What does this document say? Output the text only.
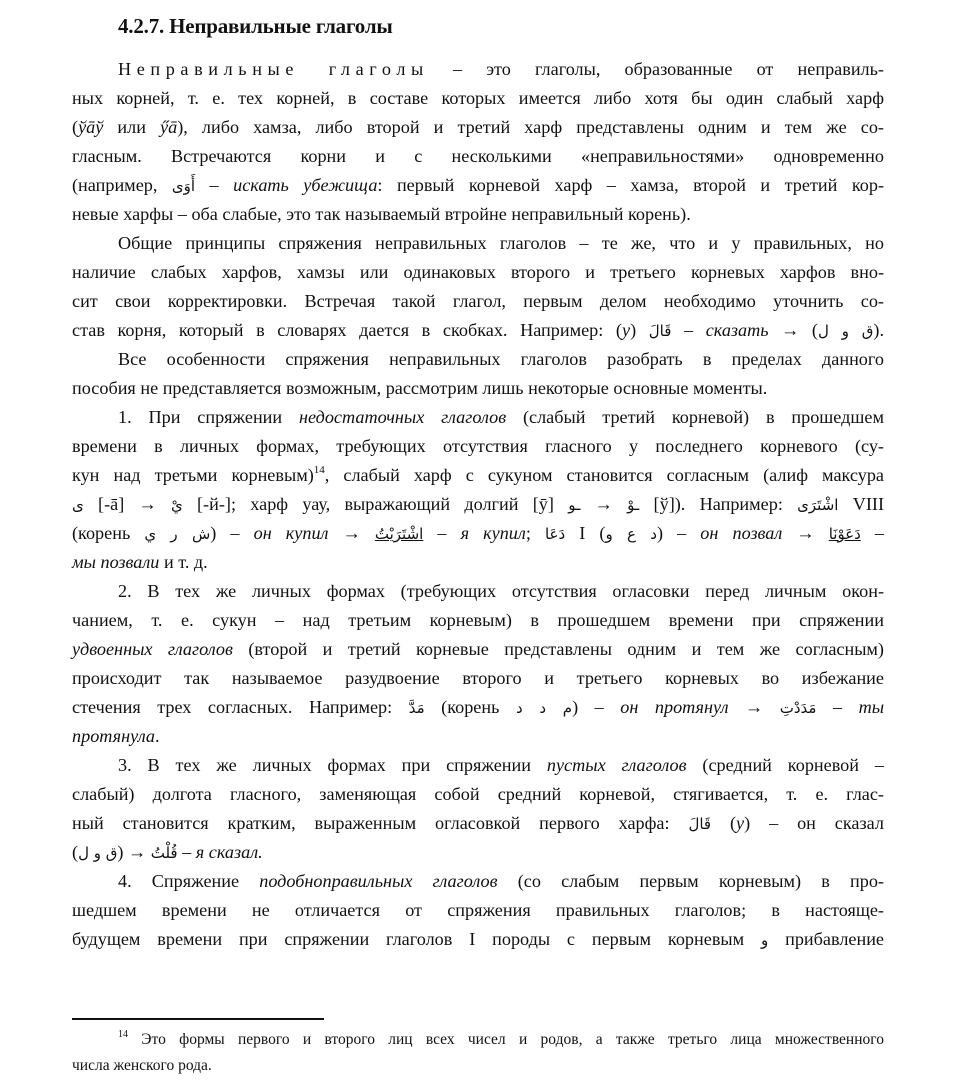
4.2.7. Неправильные глаголы
Неправильные глаголы – это глаголы, образованные от неправиль-
ных корней, т. е. тех корней, в составе которых имеется либо хотя бы один слабый харф
(ўāў или ӳā), либо хамза, либо второй и третий харф представлены одним и тем же со-
гласным. Встречаются корни и с несколькими «неправильностями» одновременно
(например, أَوَى – искать убежища: первый корневой харф – хамза, второй и третий кор-
невые харфы – оба слабые, это так называемый втройне неправильный корень).
Общие принципы спряжения неправильных глаголов – те же, что и у правильных, но
наличие слабых харфов, хамзы или одинаковых второго и третьего корневых харфов вно-
сит свои корректировки. Встречая такой глагол, первым делом необходимо уточнить со-
став корня, который в словарях дается в скобках. Например: (у) قَالَ – сказать → (ق و ل).
Все особенности спряжения неправильных глаголов разобрать в пределах данного
пособия не представляется возможным, рассмотрим лишь некоторые основные моменты.
1. При спряжении недостаточных глаголов (слабый третий корневой) в прошедшем
времени в личных формах, требующих отсутствия гласного у последнего корневого (су-
кун над третьми корневым)$^{14}$, слабый харф с сукуном становится согласным (алиф максура
ى [-ā] → يْ [-й-]; харф уау, выражающий долгий [ӯ] ـو → ـوْ [ў]). Например: اشْتَرَى VIII
(корень ش ر ي) – он купил → اشْتَرَيْتُ – я купил; دَعَا I (د ع و) – он позвал → دَعَوْنَا –
мы позвали и т. д.
2. В тех же личных формах (требующих отсутствия огласовки перед личным окон-
чанием, т. е. сукун – над третьим корневым) в прошедшем времени при спряжении
удвоенных глаголов (второй и третий корневые представлены одним и тем же согласным)
происходит так называемое разудвоение второго и третьего корневых во избежание
стечения трех согласных. Например: مَدَّ (корень م د د) – он протянул → مَدَدْتِ – ты
протянула.
3. В тех же личных формах при спряжении пустых глаголов (средний корневой –
слабый) долгота гласного, заменяющая собой средний корневой, стягивается, т. е. глас-
ный становится кратким, выраженным огласовкой первого харфа: قَالَ (у) – он сказал
(ق و ل) → قُلْتُ – я сказал.
4. Спряжение подобноправильных глаголов (со слабым первым корневым) в про-
шедшем времени не отличается от спряжения правильных глаголов; в настояще-
будущем времени при спряжении глаголов I породы с первым корневым و прибавление
$^{14}$ Это формы первого и второго лиц всех чисел и родов, а также третьго лица множественного
числа женского рода.
